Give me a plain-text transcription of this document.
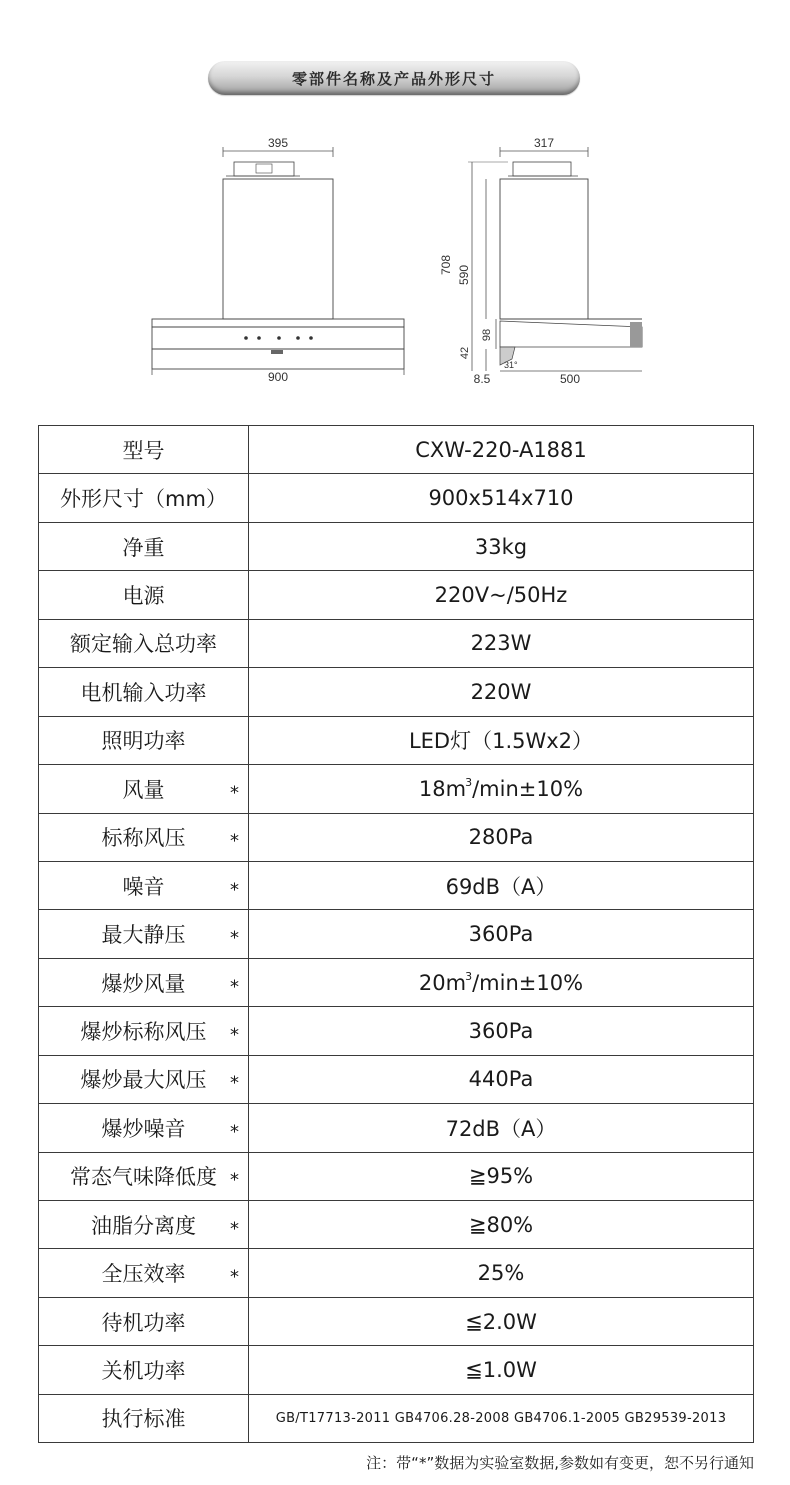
零部件名称及产品外形尺寸
395
900
317
708 590
98
42
31°
8.5	500
型号	CXW-220-A1881
外形尺寸（mm）	900x514x710
净重	33kg
电源	220V~/50Hz
额定输入总功率	223W
电机输入功率	220W
照明功率	LED灯（1.5Wx2）
风量 *	$18m^3/\min\pm 10\%$
标称风压 *	280Pa
噪音 *	69dB（A）
最大静压 *	360Pa
爆炒风量 *	$20m^3/\min\pm 10\%$
爆炒标称风压 *	360Pa
爆炒最大风压 *	440Pa
爆炒噪音 *	72dB（A）
常态气味降低度 *	≧95%
油脂分离度 *	≧80%
全压效率 *	25%
待机功率	≦2.0W
关机功率	≦1.0W
执行标准	GB/T17713-2011 GB4706.28-2008 GB4706.1-2005 GB29539-2013
注：带“*”数据为实验室数据,参数如有变更，恕不另行通知
